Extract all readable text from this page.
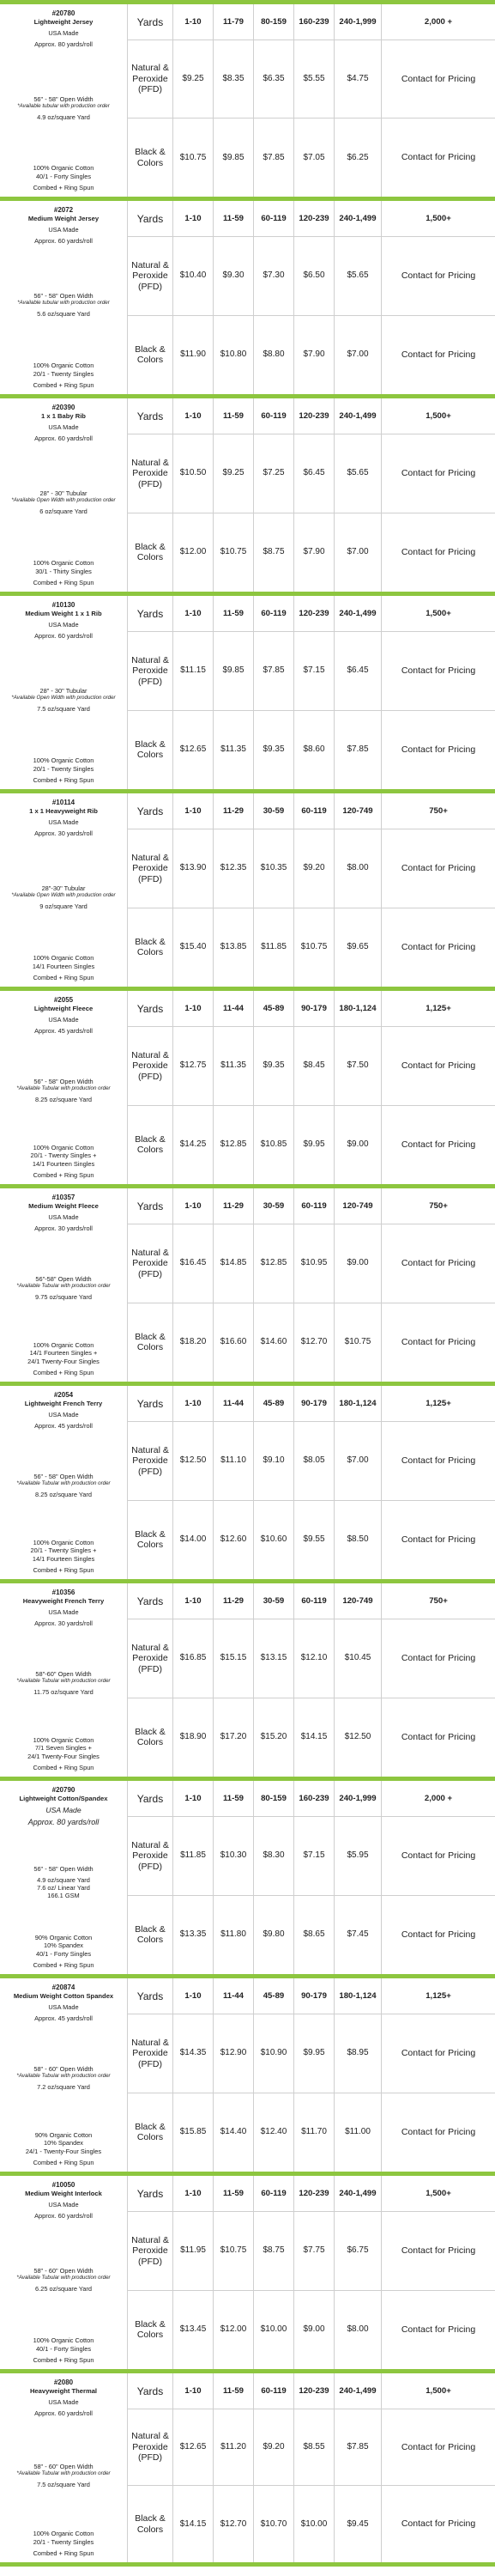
#20780
Lightweight Jersey
USA Made
Approx. 80 yards/roll
56" - 58" Open Width
*Available tubular with production order
4.9 oz/square Yard
100% Organic Cotton
40/1 - Forty Singles
Combed + Ring Spun
Yards	1-10	11-79	80-159	160-239	240-1,999	2,000 +
Natural & Peroxide (PFD)
$9.25	$8.35	$6.35	$5.55	$4.75	Contact for Pricing
Black & Colors
$10.75	$9.85	$7.85	$7.05	$6.25	Contact for Pricing
#2072
Medium Weight Jersey
USA Made
Approx. 60 yards/roll
56" - 58" Open Width
*Available tubular with production order
5.6 oz/square Yard
100% Organic Cotton
20/1 - Twenty Singles
Combed + Ring Spun
Yards	1-10	11-59	60-119	120-239	240-1,499	1,500+
Natural & Peroxide (PFD)
$10.40	$9.30	$7.30	$6.50	$5.65	Contact for Pricing
Black & Colors
$11.90	$10.80	$8.80	$7.90	$7.00	Contact for Pricing
#20390
1 x 1 Baby Rib
USA Made
Approx. 60 yards/roll
28" - 30" Tubular
*Available Open Width with production order
6 oz/square Yard
100% Organic Cotton
30/1 - Thirty Singles
Combed + Ring Spun
Yards	1-10	11-59	60-119	120-239	240-1,499	1,500+
Natural & Peroxide (PFD)
$10.50	$9.25	$7.25	$6.45	$5.65	Contact for Pricing
Black & Colors
$12.00	$10.75	$8.75	$7.90	$7.00	Contact for Pricing
#10130
Medium Weight 1 x 1 Rib
USA Made
Approx. 60 yards/roll
28" - 30" Tubular
*Available Open Width with production order
7.5 oz/square Yard
100% Organic Cotton
20/1 - Twenty Singles
Combed + Ring Spun
Yards	1-10	11-59	60-119	120-239	240-1,499	1,500+
Natural & Peroxide (PFD)
$11.15	$9.85	$7.85	$7.15	$6.45	Contact for Pricing
Black & Colors
$12.65	$11.35	$9.35	$8.60	$7.85	Contact for Pricing
#10114
1 x 1 Heavyweight Rib
USA Made
Approx. 30 yards/roll
28"-30" Tubular
*Available Open Width with production order
9 oz/square Yard
100% Organic Cotton
14/1 Fourteen Singles
Combed + Ring Spun
Yards	1-10	11-29	30-59	60-119	120-749	750+
Natural & Peroxide (PFD)
$13.90	$12.35	$10.35	$9.20	$8.00	Contact for Pricing
Black & Colors
$15.40	$13.85	$11.85	$10.75	$9.65	Contact for Pricing
#2055
Lightweight Fleece
USA Made
Approx. 45 yards/roll
56" - 58" Open Width
*Available Tubular with production order
8.25 oz/square Yard
100% Organic Cotton
20/1 - Twenty Singles +
14/1 Fourteen Singles
Combed + Ring Spun
Yards	1-10	11-44	45-89	90-179	180-1,124	1,125+
Natural & Peroxide (PFD)
$12.75	$11.35	$9.35	$8.45	$7.50	Contact for Pricing
Black & Colors
$14.25	$12.85	$10.85	$9.95	$9.00	Contact for Pricing
#10357
Medium Weight Fleece
USA Made
Approx. 30 yards/roll
56"-58" Open Width
*Available Tubular with production order
9.75 oz/square Yard
100% Organic Cotton
14/1 Fourteen Singles +
24/1 Twenty-Four Singles
Combed + Ring Spun
Yards	1-10	11-29	30-59	60-119	120-749	750+
Natural & Peroxide (PFD)
$16.45	$14.85	$12.85	$10.95	$9.00	Contact for Pricing
Black & Colors
$18.20	$16.60	$14.60	$12.70	$10.75	Contact for Pricing
#2054
Lightweight French Terry
USA Made
Approx. 45 yards/roll
56" - 58" Open Width
*Available Tubular with production order
8.25 oz/square Yard
100% Organic Cotton
20/1 - Twenty Singles +
14/1 Fourteen Singles
Combed + Ring Spun
Yards	1-10	11-44	45-89	90-179	180-1,124	1,125+
Natural & Peroxide (PFD)
$12.50	$11.10	$9.10	$8.05	$7.00	Contact for Pricing
Black & Colors
$14.00	$12.60	$10.60	$9.55	$8.50	Contact for Pricing
#10356
Heavyweight French Terry
USA Made
Approx. 30 yards/roll
58"-60" Open Width
*Available Tubular with production order
11.75 oz/square Yard
100% Organic Cotton
7/1 Seven Singles +
24/1 Twenty-Four Singles
Combed + Ring Spun
Yards	1-10	11-29	30-59	60-119	120-749	750+
Natural & Peroxide (PFD)
$16.85	$15.15	$13.15	$12.10	$10.45	Contact for Pricing
Black & Colors
$18.90	$17.20	$15.20	$14.15	$12.50	Contact for Pricing
#20790
Lightweight Cotton/Spandex
USA Made
Approx. 80 yards/roll
56" - 58" Open Width
4.9 oz/square Yard
7.6 oz/ Linear Yard
166.1 GSM
90% Organic Cotton
10% Spandex
40/1 - Forty Singles
Combed + Ring Spun
Yards	1-10	11-59	80-159	160-239	240-1,999	2,000 +
Natural & Peroxide (PFD)
$11.85	$10.30	$8.30	$7.15	$5.95	Contact for Pricing
Black & Colors
$13.35	$11.80	$9.80	$8.65	$7.45	Contact for Pricing
#20874
Medium Weight Cotton Spandex
USA Made
Approx. 45 yards/roll
58" - 60" Open Width
*Available Tubular with production order
7.2 oz/square Yard
90% Organic Cotton
10% Spandex
24/1 - Twenty-Four Singles
Combed + Ring Spun
Yards	1-10	11-44	45-89	90-179	180-1,124	1,125+
Natural & Peroxide (PFD)
$14.35	$12.90	$10.90	$9.95	$8.95	Contact for Pricing
Black & Colors
$15.85	$14.40	$12.40	$11.70	$11.00	Contact for Pricing
#10050
Medium Weight Interlock
USA Made
Approx. 60 yards/roll
58" - 60" Open Width
*Available Tubular with production order
6.25 oz/square Yard
100% Organic Cotton
40/1 - Forty Singles
Combed + Ring Spun
Yards	1-10	11-59	60-119	120-239	240-1,499	1,500+
Natural & Peroxide (PFD)
$11.95	$10.75	$8.75	$7.75	$6.75	Contact for Pricing
Black & Colors
$13.45	$12.00	$10.00	$9.00	$8.00	Contact for Pricing
#2080
Heavyweight Thermal
USA Made
Approx. 60 yards/roll
58" - 60" Open Width
*Available Tubular with production order
7.5 oz/square Yard
100% Organic Cotton
20/1 - Twenty Singles
Combed + Ring Spun
Yards	1-10	11-59	60-119	120-239	240-1,499	1,500+
Natural & Peroxide (PFD)
$12.65	$11.20	$9.20	$8.55	$7.85	Contact for Pricing
Black & Colors
$14.15	$12.70	$10.70	$10.00	$9.45	Contact for Pricing
